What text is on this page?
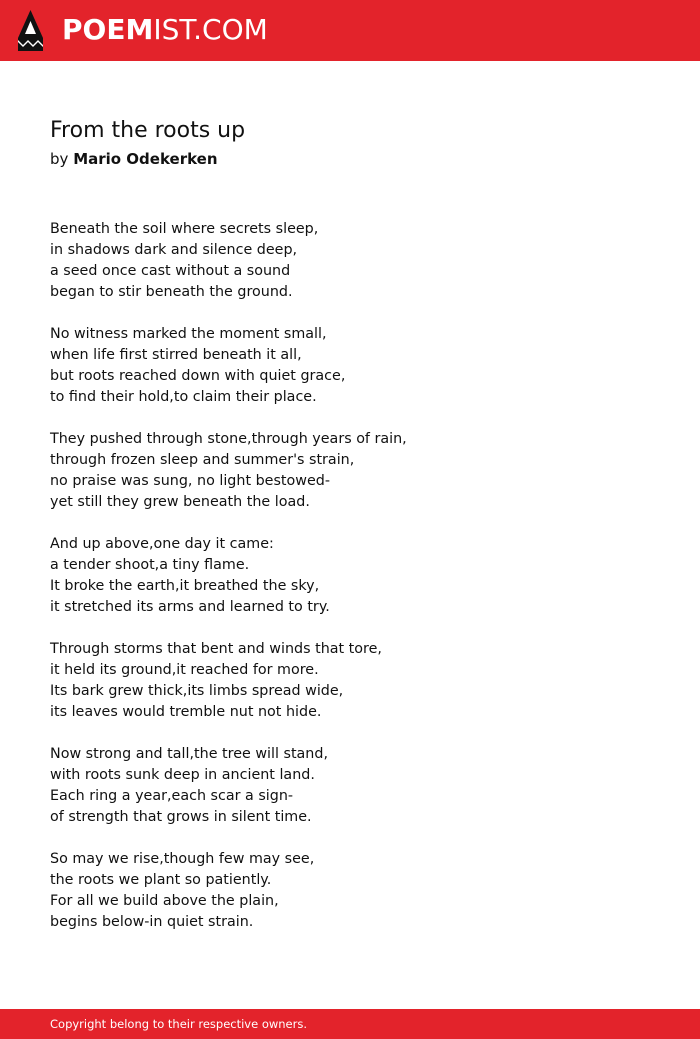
POEMIST.COM
From the roots up
by Mario Odekerken
Beneath the soil where secrets sleep,
in shadows dark and silence deep,
a seed once cast without a sound
began to stir beneath the ground.
No witness marked the moment small,
when life first stirred beneath it all,
but roots reached down with quiet grace,
to find their hold,to claim their place.
They pushed through stone,through years of rain,
through frozen sleep and summer's strain,
no praise was sung, no light bestowed-
yet still they grew beneath the load.
And up above,one day it came:
a tender shoot,a tiny flame.
It broke the earth,it breathed the sky,
it stretched its arms and learned to try.
Through storms that bent and winds that tore,
it held its ground,it reached for more.
Its bark grew thick,its limbs spread wide,
its leaves would tremble nut not hide.
Now strong and tall,the tree will stand,
with roots sunk deep in ancient land.
Each ring a year,each scar a sign-
of strength that grows in silent time.
So may we rise,though few may see,
the roots we plant so patiently.
For all we build above the plain,
begins below-in quiet strain.
Copyright belong to their respective owners.
